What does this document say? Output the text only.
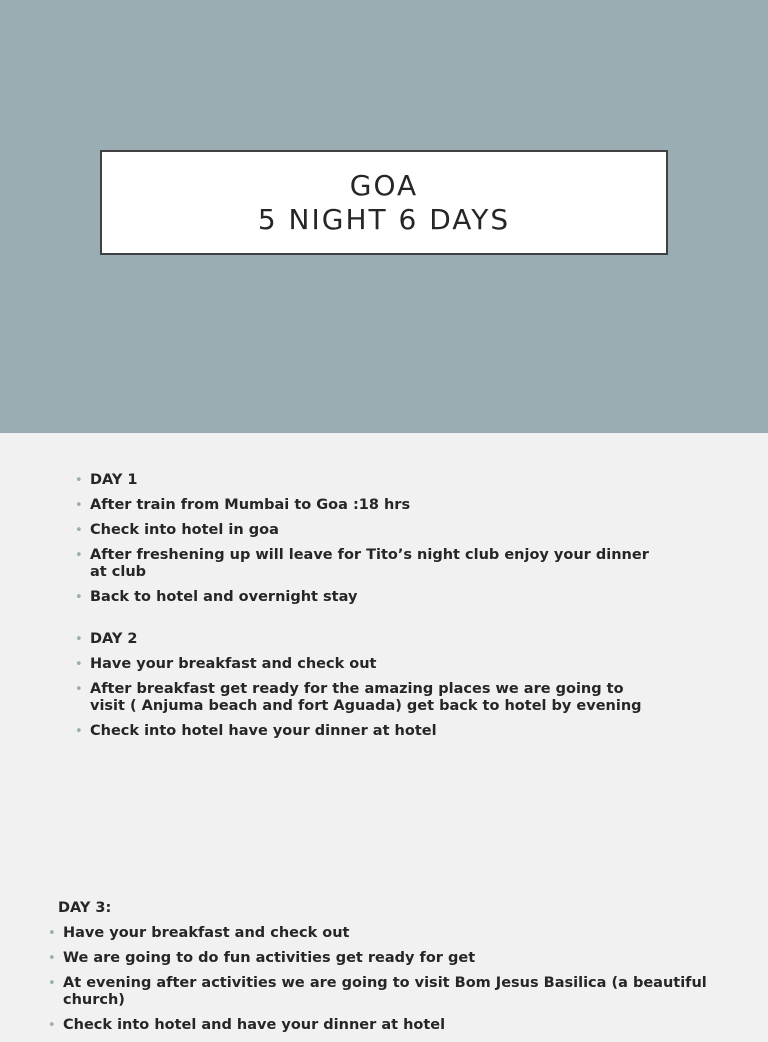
GOA
5 NIGHT 6 DAYS
• DAY 1
• After train from Mumbai to Goa :18 hrs
• Check into hotel in goa
• After freshening up will leave for Tito’s night club enjoy your dinner at club
• Back to hotel and overnight stay
• DAY 2
• Have your breakfast and check out
• After breakfast get ready for the amazing places we are going to visit ( Anjuma beach and fort Aguada) get back to hotel by evening
• Check into hotel have your dinner at hotel
DAY 3:
• Have your breakfast and check out
• We are going to do fun activities get ready for get
• At evening after activities we are going to visit Bom Jesus Basilica (a beautiful church)
• Check into hotel and have your dinner at hotel
